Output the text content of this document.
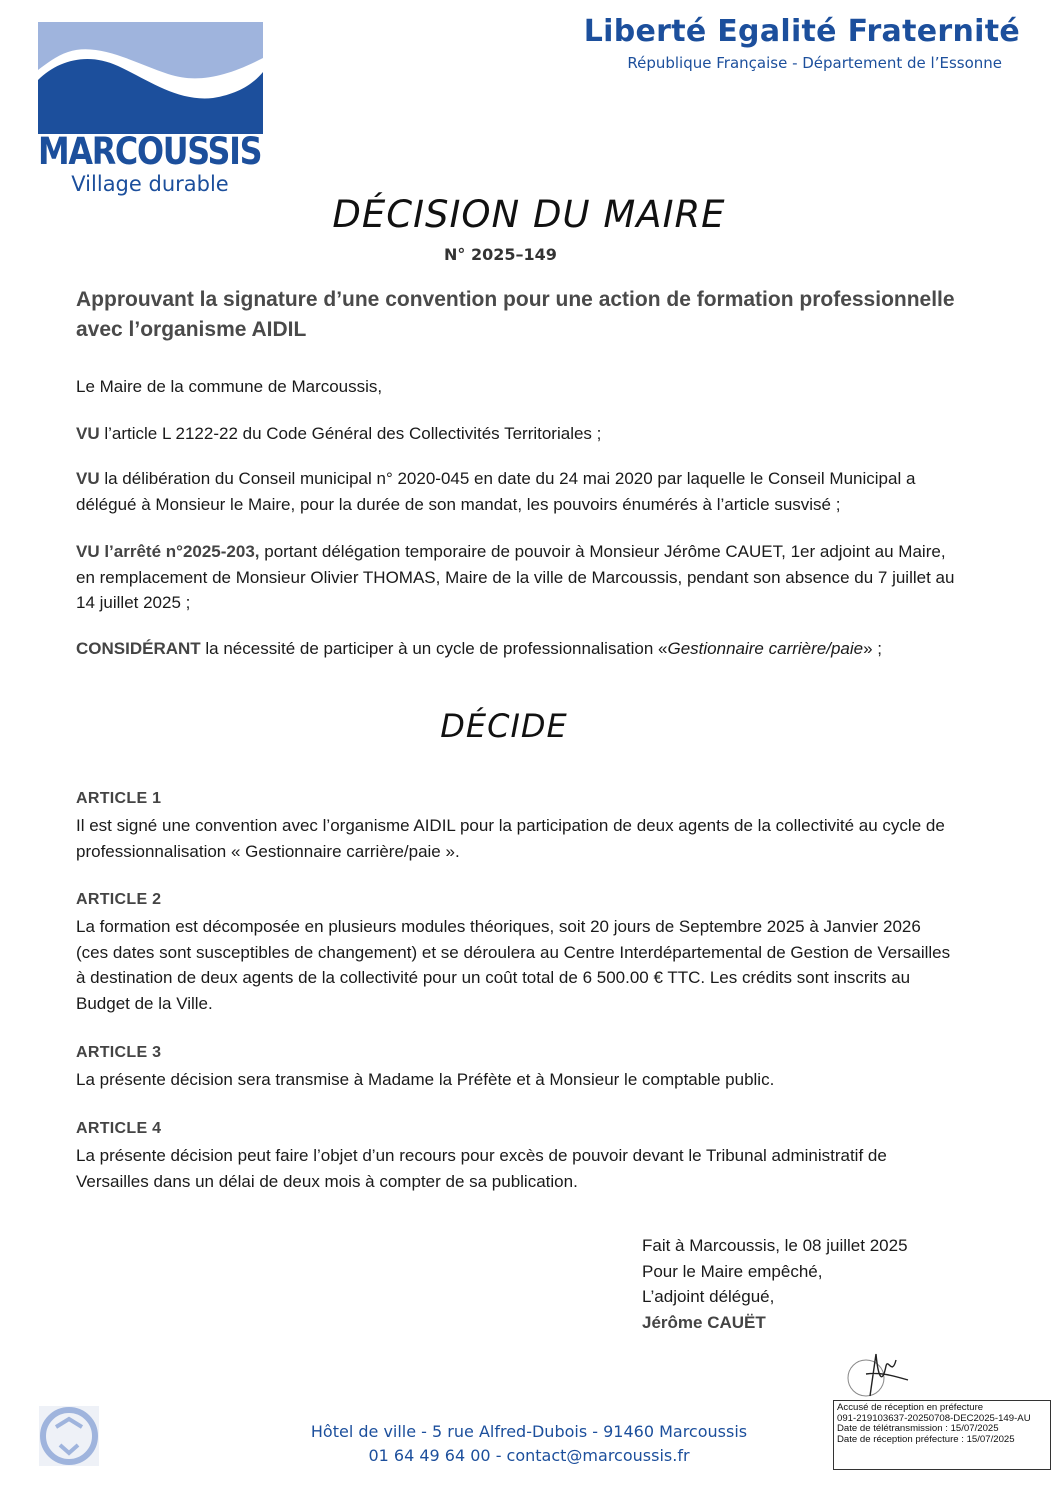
MARCOUSSIS
Village durable
Liberté Egalité Fraternité
République Française - Département de l’Essonne
DÉCISION DU MAIRE
N° 2025–149
Approuvant la signature d’une convention pour une action de formation professionnelle avec l’organisme AIDIL
Le Maire de la commune de Marcoussis,
VU l’article L 2122-22 du Code Général des Collectivités Territoriales ;
VU la délibération du Conseil municipal n° 2020-045 en date du 24 mai 2020 par laquelle le Conseil Municipal a délégué à Monsieur le Maire, pour la durée de son mandat, les pouvoirs énumérés à l’article susvisé ;
VU l’arrêté n°2025-203, portant délégation temporaire de pouvoir à Monsieur Jérôme CAUET, 1er adjoint au Maire, en remplacement de Monsieur Olivier THOMAS, Maire de la ville de Marcoussis, pendant son absence du 7 juillet au 14 juillet 2025 ;
CONSIDÉRANT la nécessité de participer à un cycle de professionnalisation «Gestionnaire carrière/paie» ;
DÉCIDE
ARTICLE 1
Il est signé une convention avec l’organisme AIDIL pour la participation de deux agents de la collectivité au cycle de professionnalisation « Gestionnaire carrière/paie ».
ARTICLE 2
La formation est décomposée en plusieurs modules théoriques, soit 20 jours de Septembre 2025 à Janvier 2026 (ces dates sont susceptibles de changement) et se déroulera au Centre Interdépartemental de Gestion de Versailles à destination de deux agents de la collectivité pour un coût total de 6 500.00 € TTC. Les crédits sont inscrits au Budget de la Ville.
ARTICLE 3
La présente décision sera transmise à Madame la Préfète et à Monsieur le comptable public.
ARTICLE 4
La présente décision peut faire l’objet d’un recours pour excès de pouvoir devant le Tribunal administratif de Versailles dans un délai de deux mois à compter de sa publication.
Fait à Marcoussis, le 08 juillet 2025
Pour le Maire empêché,
L’adjoint délégué,
Jérôme CAUËT
Accusé de réception en préfecture
091-219103637-20250708-DEC2025-149-AU
Date de télétransmission : 15/07/2025
Date de réception préfecture : 15/07/2025
Hôtel de ville - 5 rue Alfred-Dubois - 91460 Marcoussis
01 64 49 64 00 - contact@marcoussis.fr
